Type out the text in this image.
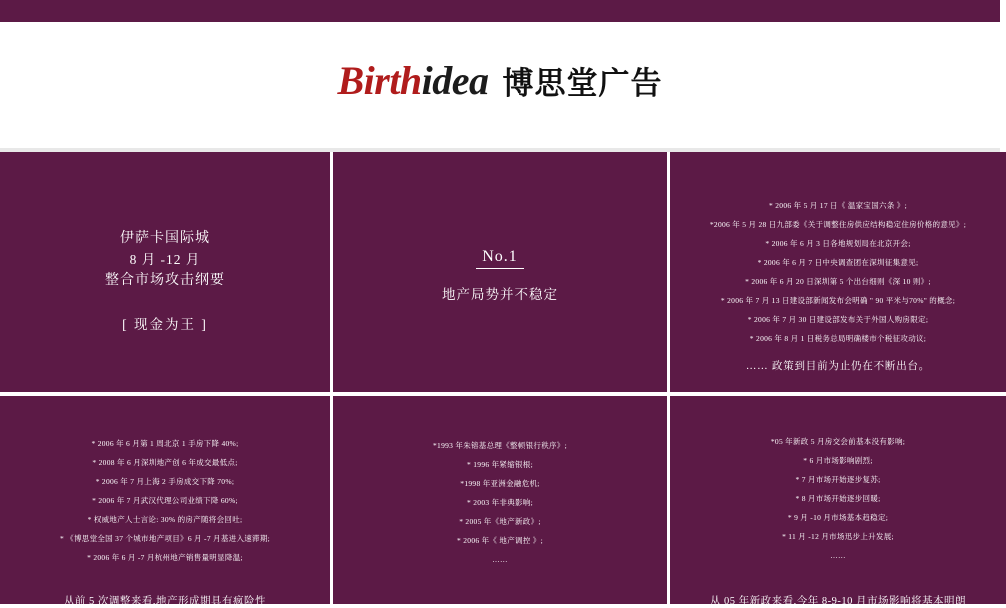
Birth idea 博思堂广告
伊萨卡国际城
8 月 -12 月
整合市场攻击纲要
[ 现金为王 ]
No.1
地产局势并不稳定
* 2006 年 5 月 17 日《 温家宝国六条 》;
*2006 年 5 月 28 日九部委《关于调整住房供应结构稳定住房价格的意见》;
* 2006 年 6 月 3 日各地规划局在北京开会;
* 2006 年 6 月 7 日中央调查团在深圳征集意见;
* 2006 年 6 月 20 日深圳第 5 个出台细则《深 10 则》;
* 2006 年 7 月 13 日建设部新闻发布会明确 " 90 平米与70%" 的概念;
* 2006 年 7 月 30 日建设部发布关于外国人购房限定;
* 2006 年 8 月 1 日税务总局明确楼市个税征攻动议;
…… 政策到目前为止仍在不断出台。
* 2006 年 6 月第 1 周北京 1 手房下降 40%;
* 2008 年 6 月深圳地产创 6 年成交最低点;
* 2006 年 7 月上海 2 手房成交下降 70%;
* 2006 年 7 月武汉代理公司业绩下降 60%;
* 权威地产人士言论: 30% 的房产随将会回吐;
* 《博思堂全国 37 个城市地产项目》6 月 -7 月基进入速滞期;
* 2006 年 6 月 -7 月杭州地产销售量明显降温;
从前 5 次调整来看,地产形成期具有疯险性
*1993 年朱镕基总理《整顿银行秩序》;
* 1996 年紧缩银根;
*1998 年亚洲金融危机;
* 2003 年非典影响;
* 2005 年《地产新政》;
* 2006 年《 地产调控 》;
……
*05 年新政 5 月房交会前基本没有影响;
* 6 月市场影响剧烈;
* 7 月市场开始逐步复苏;
* 8 月市场开始逐步回暖;
* 9 月 -10 月市场基本趋稳定;
* 11 月 -12 月市场迅步上升发展;
……
从 05 年新政来看,今年 8-9-10 月市场影响将基本明朗
